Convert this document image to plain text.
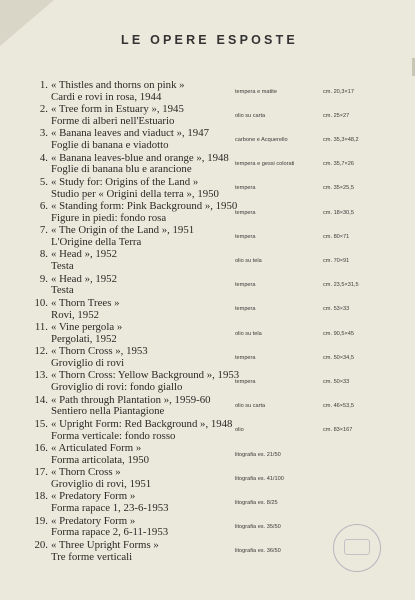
LE OPERE ESPOSTE
1. « Thistles and thorns on pink »
Cardi e rovi in rosa, 1944	tempera e matite	cm. 20,3×17
2. « Tree form in Estuary », 1945
Forme di alberi nell'Estuario	olio su carta	cm. 25×27
3. « Banana leaves and viaduct », 1947
Foglie di banana e viadotto	carbone e Acquerello	cm. 35,3×48,2
4. « Banana leaves-blue and orange », 1948
Foglie di banana blu e arancione	tempera e gessi colorati	cm. 35,7×26
5. « Study for: Origins of the Land »
Studio per « Origini della terra », 1950	tempera	cm. 35×25,5
6. « Standing form: Pink Background », 1950
Figure in piedi: fondo rosa	tempera	cm. 18×30,5
7. « The Origin of the Land », 1951
L'Origine della Terra	tempera	cm. 80×71
8. « Head », 1952
Testa	olio su tela	cm. 70×91
9. « Head », 1952
Testa	tempera	cm. 23,5×31,5
10. « Thorn Trees »
Rovi, 1952	tempera	cm. 53×33
11. « Vine pergola »
Pergolati, 1952	olio su tela	cm. 90,5×45
12. « Thorn Cross », 1953
Groviglio di rovi	tempera	cm. 50×34,5
13. « Thorn Cross: Yellow Background », 1953
Groviglio di rovi: fondo giallo	tempera	cm. 50×33
14. « Path through Plantation », 1959-60
Sentiero nella Piantagione	olio su carta	cm. 46×53,5
15. « Upright Form: Red Background », 1948
Forma verticale: fondo rosso	olio	cm. 83×167
16. « Articulated Form »
Forma articolata, 1950	litografia es. 21/50
17. « Thorn Cross »
Groviglio di rovi, 1951	litografia es. 41/100
18. « Predatory Form »
Forma rapace 1, 23-6-1953	litografia es. 8/25
19. « Predatory Form »
Forma rapace 2, 6-11-1953	litografia es. 35/50
20. « Three Upright Forms »
Tre forme verticali	litografia es. 36/50
